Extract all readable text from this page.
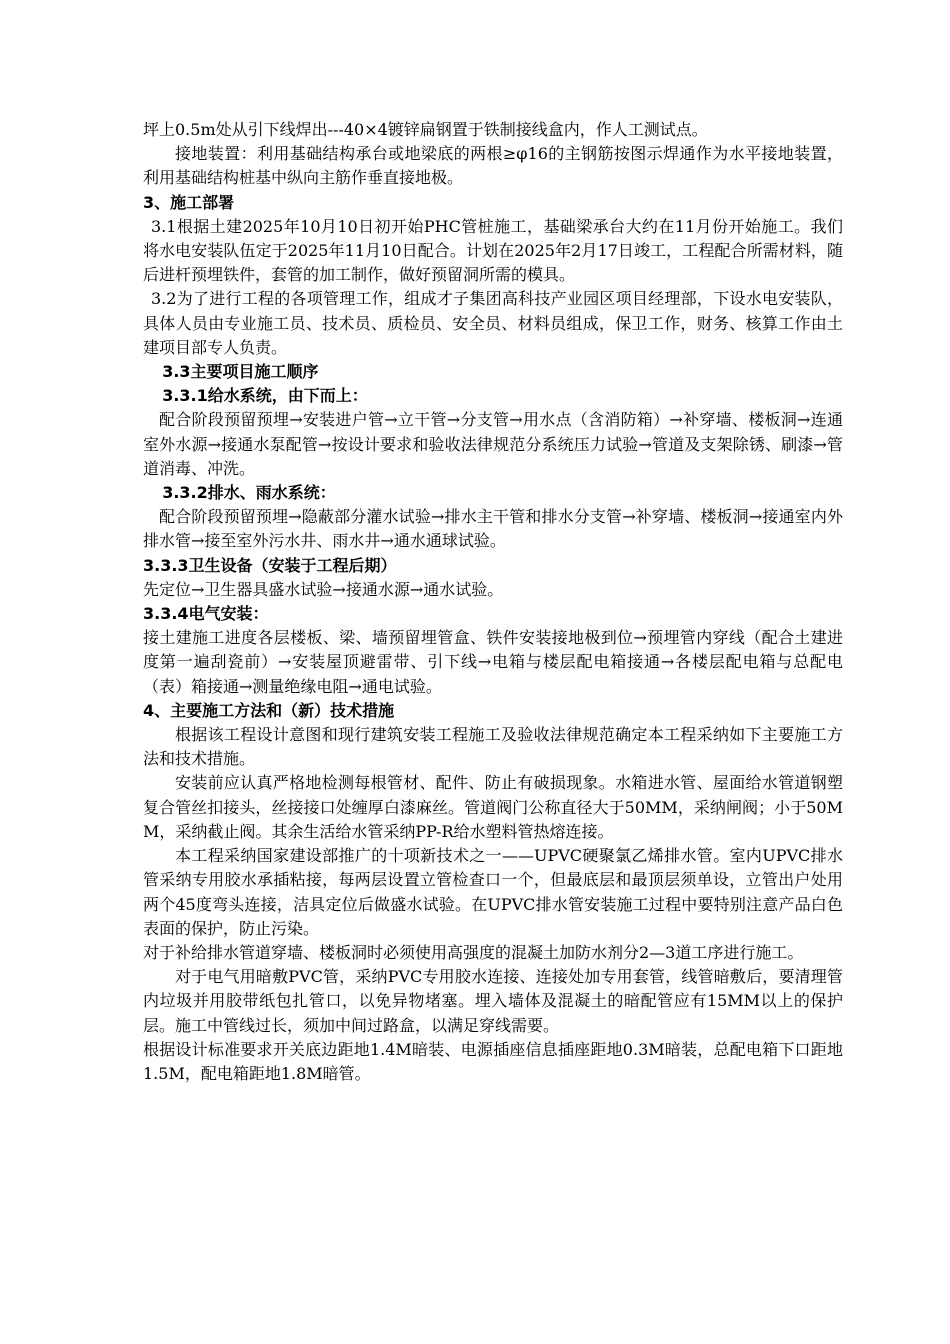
坪上0.5m处从引下线焊出---40×4镀锌扁钢置于铁制接线盒内，作人工测试点。

接地装置：利用基础结构承台或地梁底的两根≥φ16的主钢筋按图示焊通作为水平接地装置，利用基础结构桩基中纵向主筋作垂直接地极。

3、施工部署

3.1根据土建2025年10月10日初开始PHC管桩施工，基础梁承台大约在11月份开始施工。我们将水电安装队伍定于2025年11月10日配合。计划在2025年2月17日竣工，工程配合所需材料，随后进杆预埋铁件，套管的加工制作，做好预留洞所需的模具。

3.2为了进行工程的各项管理工作，组成才子集团高科技产业园区项目经理部，下设水电安装队，具体人员由专业施工员、技术员、质检员、安全员、材料员组成，保卫工作，财务、核算工作由土建项目部专人负责。

3.3主要项目施工顺序

3.3.1给水系统，由下而上：

配合阶段预留预埋→安装进户管→立干管→分支管→用水点（含消防箱）→补穿墙、楼板洞→连通室外水源→接通水泵配管→按设计要求和验收法律规范分系统压力试验→管道及支架除锈、刷漆→管道消毒、冲洗。

3.3.2排水、雨水系统：

配合阶段预留预埋→隐蔽部分灌水试验→排水主干管和排水分支管→补穿墙、楼板洞→接通室内外排水管→接至室外污水井、雨水井→通水通球试验。

3.3.3卫生设备（安装于工程后期）

先定位→卫生器具盛水试验→接通水源→通水试验。

3.3.4电气安装：

接土建施工进度各层楼板、梁、墙预留埋管盒、铁件安装接地极到位→预埋管内穿线（配合土建进度第一遍刮瓷前）→安装屋顶避雷带、引下线→电箱与楼层配电箱接通→各楼层配电箱与总配电（表）箱接通→测量绝缘电阻→通电试验。

4、主要施工方法和（新）技术措施

根据该工程设计意图和现行建筑安装工程施工及验收法律规范确定本工程采纳如下主要施工方法和技术措施。

安装前应认真严格地检测每根管材、配件、防止有破损现象。水箱进水管、屋面给水管道钢塑复合管丝扣接头，丝接接口处缠厚白漆麻丝。管道阀门公称直径大于50MM，采纳闸阀；小于50MM，采纳截止阀。其余生活给水管采纳PP-R给水塑料管热熔连接。

本工程采纳国家建设部推广的十项新技术之一——UPVC硬聚氯乙烯排水管。室内UPVC排水管采纳专用胶水承插粘接，每两层设置立管检查口一个，但最底层和最顶层须单设，立管出户处用两个45度弯头连接，洁具定位后做盛水试验。在UPVC排水管安装施工过程中要特别注意产品白色表面的保护，防止污染。

对于补给排水管道穿墙、楼板洞时必须使用高强度的混凝土加防水剂分2—3道工序进行施工。

对于电气用暗敷PVC管，采纳PVC专用胶水连接、连接处加专用套管，线管暗敷后，要清理管内垃圾并用胶带纸包扎管口，以免异物堵塞。埋入墙体及混凝土的暗配管应有15MM以上的保护层。施工中管线过长，须加中间过路盒，以满足穿线需要。

根据设计标准要求开关底边距地1.4M暗装、电源插座信息插座距地0.3M暗装，总配电箱下口距地1.5M，配电箱距地1.8M暗管。
